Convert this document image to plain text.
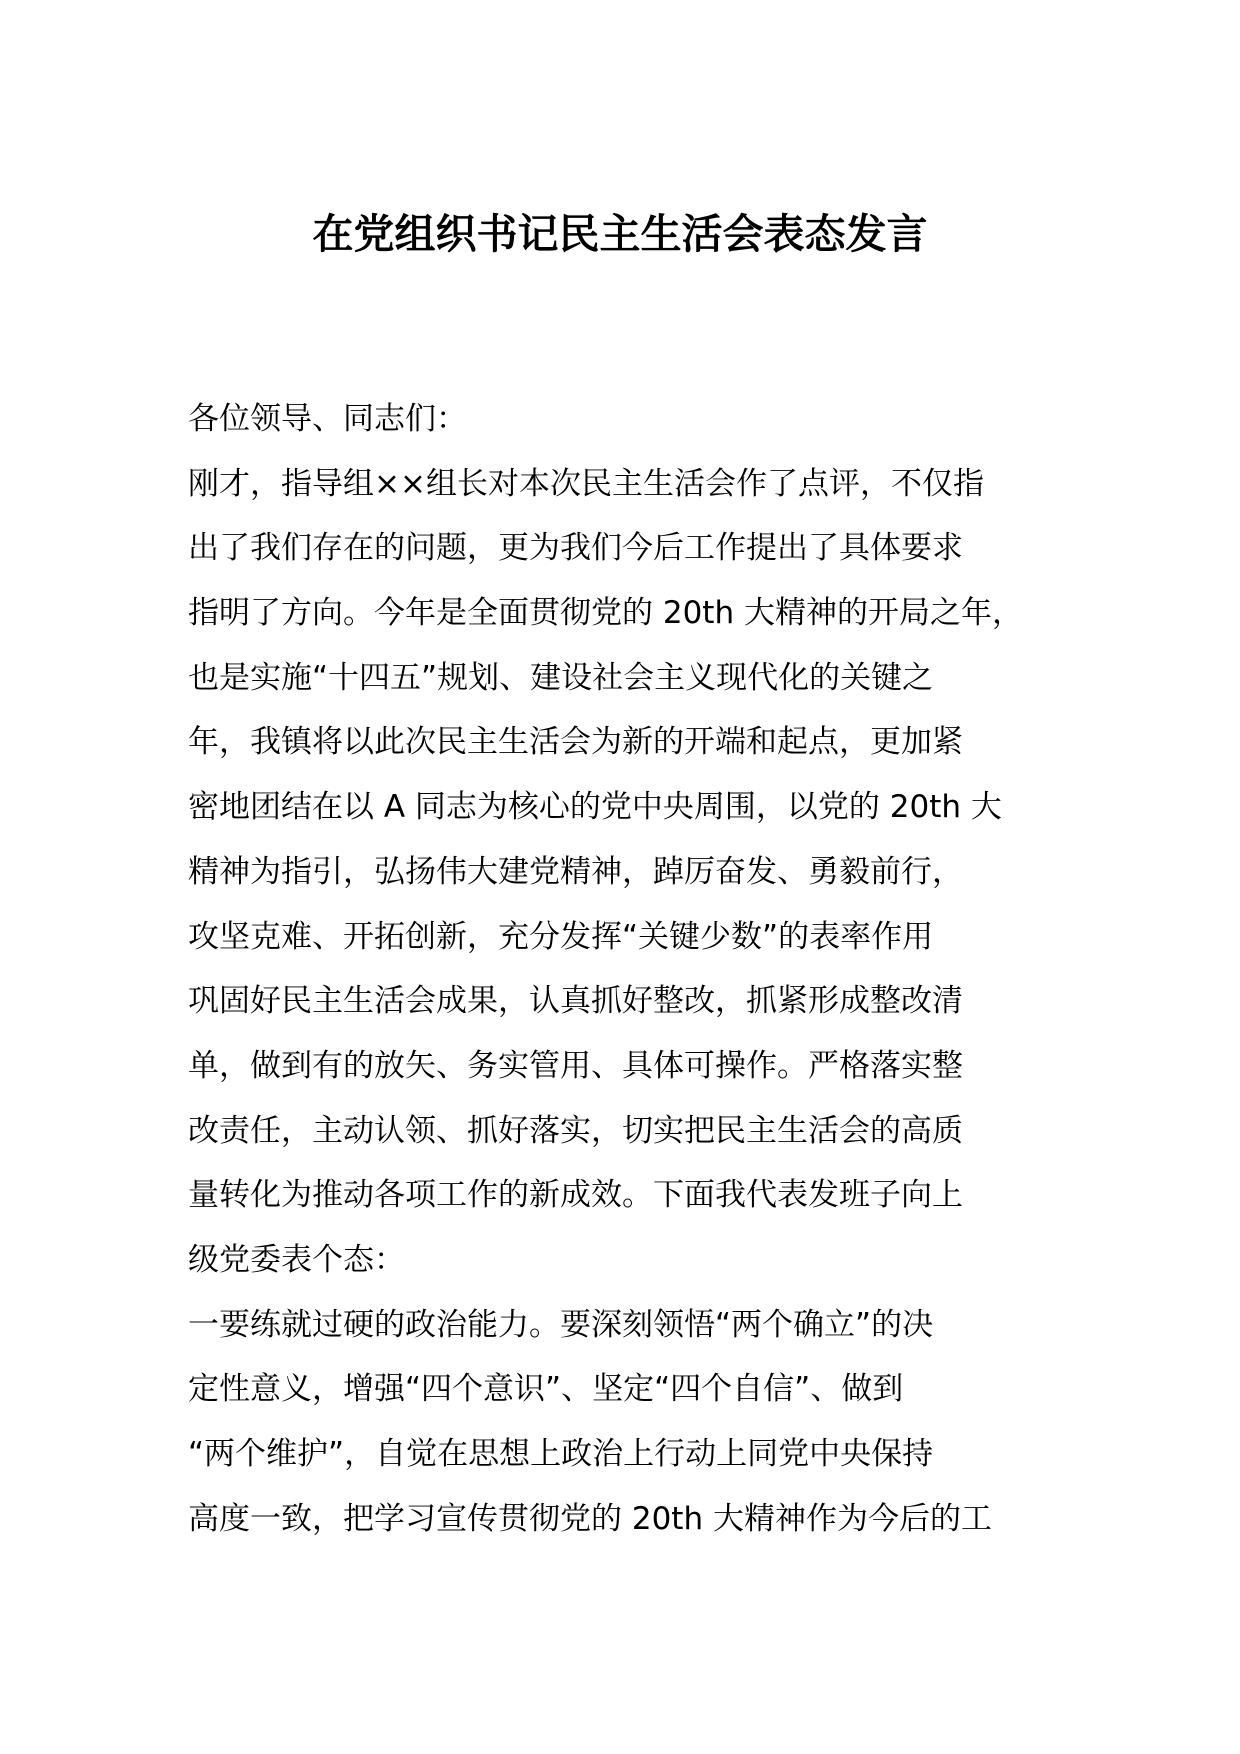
在党组织书记民主生活会表态发言
各位领导、同志们：
刚才，指导组××组长对本次民主生活会作了点评，不仅指
出了我们存在的问题，更为我们今后工作提出了具体要求
指明了方向。今年是全面贯彻党的 20th 大精神的开局之年，
也是实施“十四五”规划、建设社会主义现代化的关键之
年，我镇将以此次民主生活会为新的开端和起点，更加紧
密地团结在以 A 同志为核心的党中央周围，以党的 20th 大
精神为指引，弘扬伟大建党精神，踔厉奋发、勇毅前行，
攻坚克难、开拓创新，充分发挥“关键少数”的表率作用
巩固好民主生活会成果，认真抓好整改，抓紧形成整改清
单，做到有的放矢、务实管用、具体可操作。严格落实整
改责任，主动认领、抓好落实，切实把民主生活会的高质
量转化为推动各项工作的新成效。下面我代表发班子向上
级党委表个态：
一要练就过硬的政治能力。要深刻领悟“两个确立”的决
定性意义，增强“四个意识”、坚定“四个自信”、做到
“两个维护”，自觉在思想上政治上行动上同党中央保持
高度一致，把学习宣传贯彻党的 20th 大精神作为今后的工
